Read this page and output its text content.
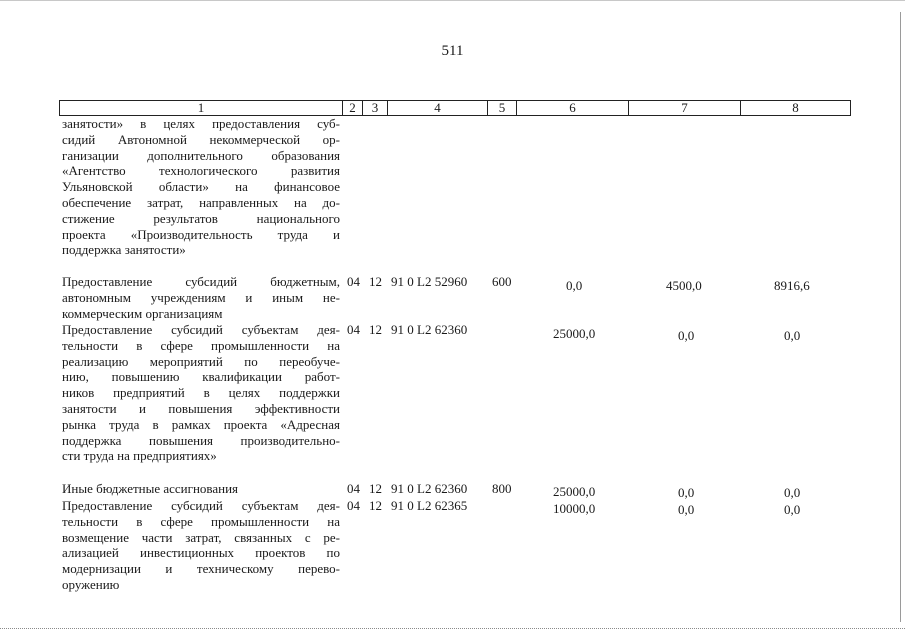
511
1	2	3	4	5	6	7	8
занятости» в целях предоставления суб-
сидий Автономной некоммерческой ор-
ганизации дополнительного образования
«Агентство технологического развития
Ульяновской области» на финансовое
обеспечение затрат, направленных на до-
стижение результатов национального
проекта «Производительность труда и
поддержка занятости»
Предоставление субсидий бюджетным,
автономным учреждениям и иным не-
коммерческим организациям
04 12 91 0 L2 52960 600	0,0	4500,0	8916,6
Предоставление субсидий субъектам дея-
тельности в сфере промышленности на
реализацию мероприятий по переобуче-
нию, повышению квалификации работ-
ников предприятий в целях поддержки
занятости и повышения эффективности
рынка труда в рамках проекта «Адресная
поддержка повышения производительно-
сти труда на предприятиях»
04 12 91 0 L2 62360	25000,0	0,0	0,0
Иные бюджетные ассигнования	04 12 91 0 L2 62360 800	25000,0	0,0	0,0
Предоставление субсидий субъектам дея-
тельности в сфере промышленности на
возмещение части затрат, связанных с ре-
ализацией инвестиционных проектов по
модернизации и техническому перево-
оружению
04 12 91 0 L2 62365	10000,0	0,0	0,0
